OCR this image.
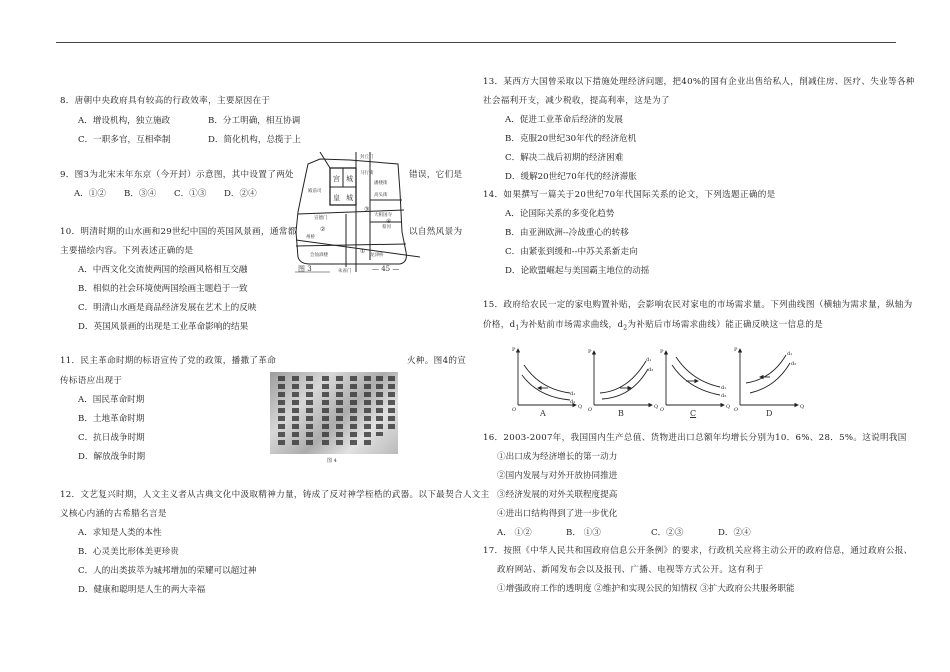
8．唐朝中央政府具有较高的行政效率，主要原因在于
A．增设机构，独立施政	B．分工明确，相互协调
C．一职多官，互相牵制	D．简化机构，总揽于上
9．图3为北宋末年东京（今开封）示意图，其中设置了两处	错误，它们是
A．①② B．③④ C．①③ D．②④
封丘门
宫 城
皇 城
殿前司
马行街
潘楼街
高头街
宣德门
州桥
大相国寺
会仙酒楼
朱雀门
龙津桥
蔡河
③
②
④
①
图 3	— 45 —
10．明清时期的山水画和29世纪中国的英国风景画，通常都	以自然风景为
主要描绘内容。下列表述正确的是
A．中西文化交流使两国的绘画风格相互交融
B．相似的社会环境使两国绘画主题趋于一致
C．明清山水画是商品经济发展在艺术上的反映
D．英国风景画的出现是工业革命影响的结果
11．民主革命时期的标语宣传了党的政策，播撒了革命	火种。图4的宣
传标语应出现于
A．国民革命时期
B．土地革命时期
C．抗日战争时期
D．解放战争时期	图 4
12．文艺复兴时期，人文主义者从古典文化中汲取精神力量，铸成了反对神学桎梏的武器。以下最契合人文主
义核心内涵的古希腊名言是
A．求知是人类的本性
B．心灵美比形体美更珍贵
C．人的出类拔萃为城邦增加的荣耀可以超过神
D．健康和聪明是人生的两大幸福
13．某西方大国曾采取以下措施处理经济问题，把40%的国有企业出售给私人，削减住房、医疗、失业等各种
社会福利开支，减少税收，提高利率，这是为了
A．促进工业革命后经济的发展
B．克服20世纪30年代的经济危机
C．解决二战后初期的经济困难
D．缓解20世纪70年代的经济滞胀
14．如果撰写一篇关于20世纪70年代国际关系的论文，下列选题正确的是
A．论国际关系的多变化趋势
B．由亚洲欧洲--冷战重心的转移
C．由紧张到缓和--中苏关系新走向
D．论欧盟崛起与美国霸主地位的动摇
15．政府给农民一定的家电购置补贴，会影响农民对家电的市场需求量。下列曲线图（横轴为需求量，纵轴为
价格，$d_1$为补贴前市场需求曲线，$d_2$为补贴后市场需求曲线）能正确反映这一信息的是
P
O	Q
d₁
d₂
P
O	Q
d₁
d₂
P
O	Q
d₁
d₂
P
O	Q
d₁
d₂
A	B	C	D
16．2003-2007年，我国国内生产总值、货物进出口总额年均增长分别为10．6%、28．5%。这说明我国
①出口成为经济增长的第一动力
②国内发展与对外开放协同推进
③经济发展的对外关联程度提高
④进出口结构得到了进一步优化
A． ①②	B． ①③	C．②③	D．②④
17．按照《中华人民共和国政府信息公开条例》的要求，行政机关应将主动公开的政府信息，通过政府公报、
政府网站、新闻发布会以及报刊、广播、电视等方式公开。这有利于
①增强政府工作的透明度 ②维护和实现公民的知情权 ③扩大政府公共服务职能
